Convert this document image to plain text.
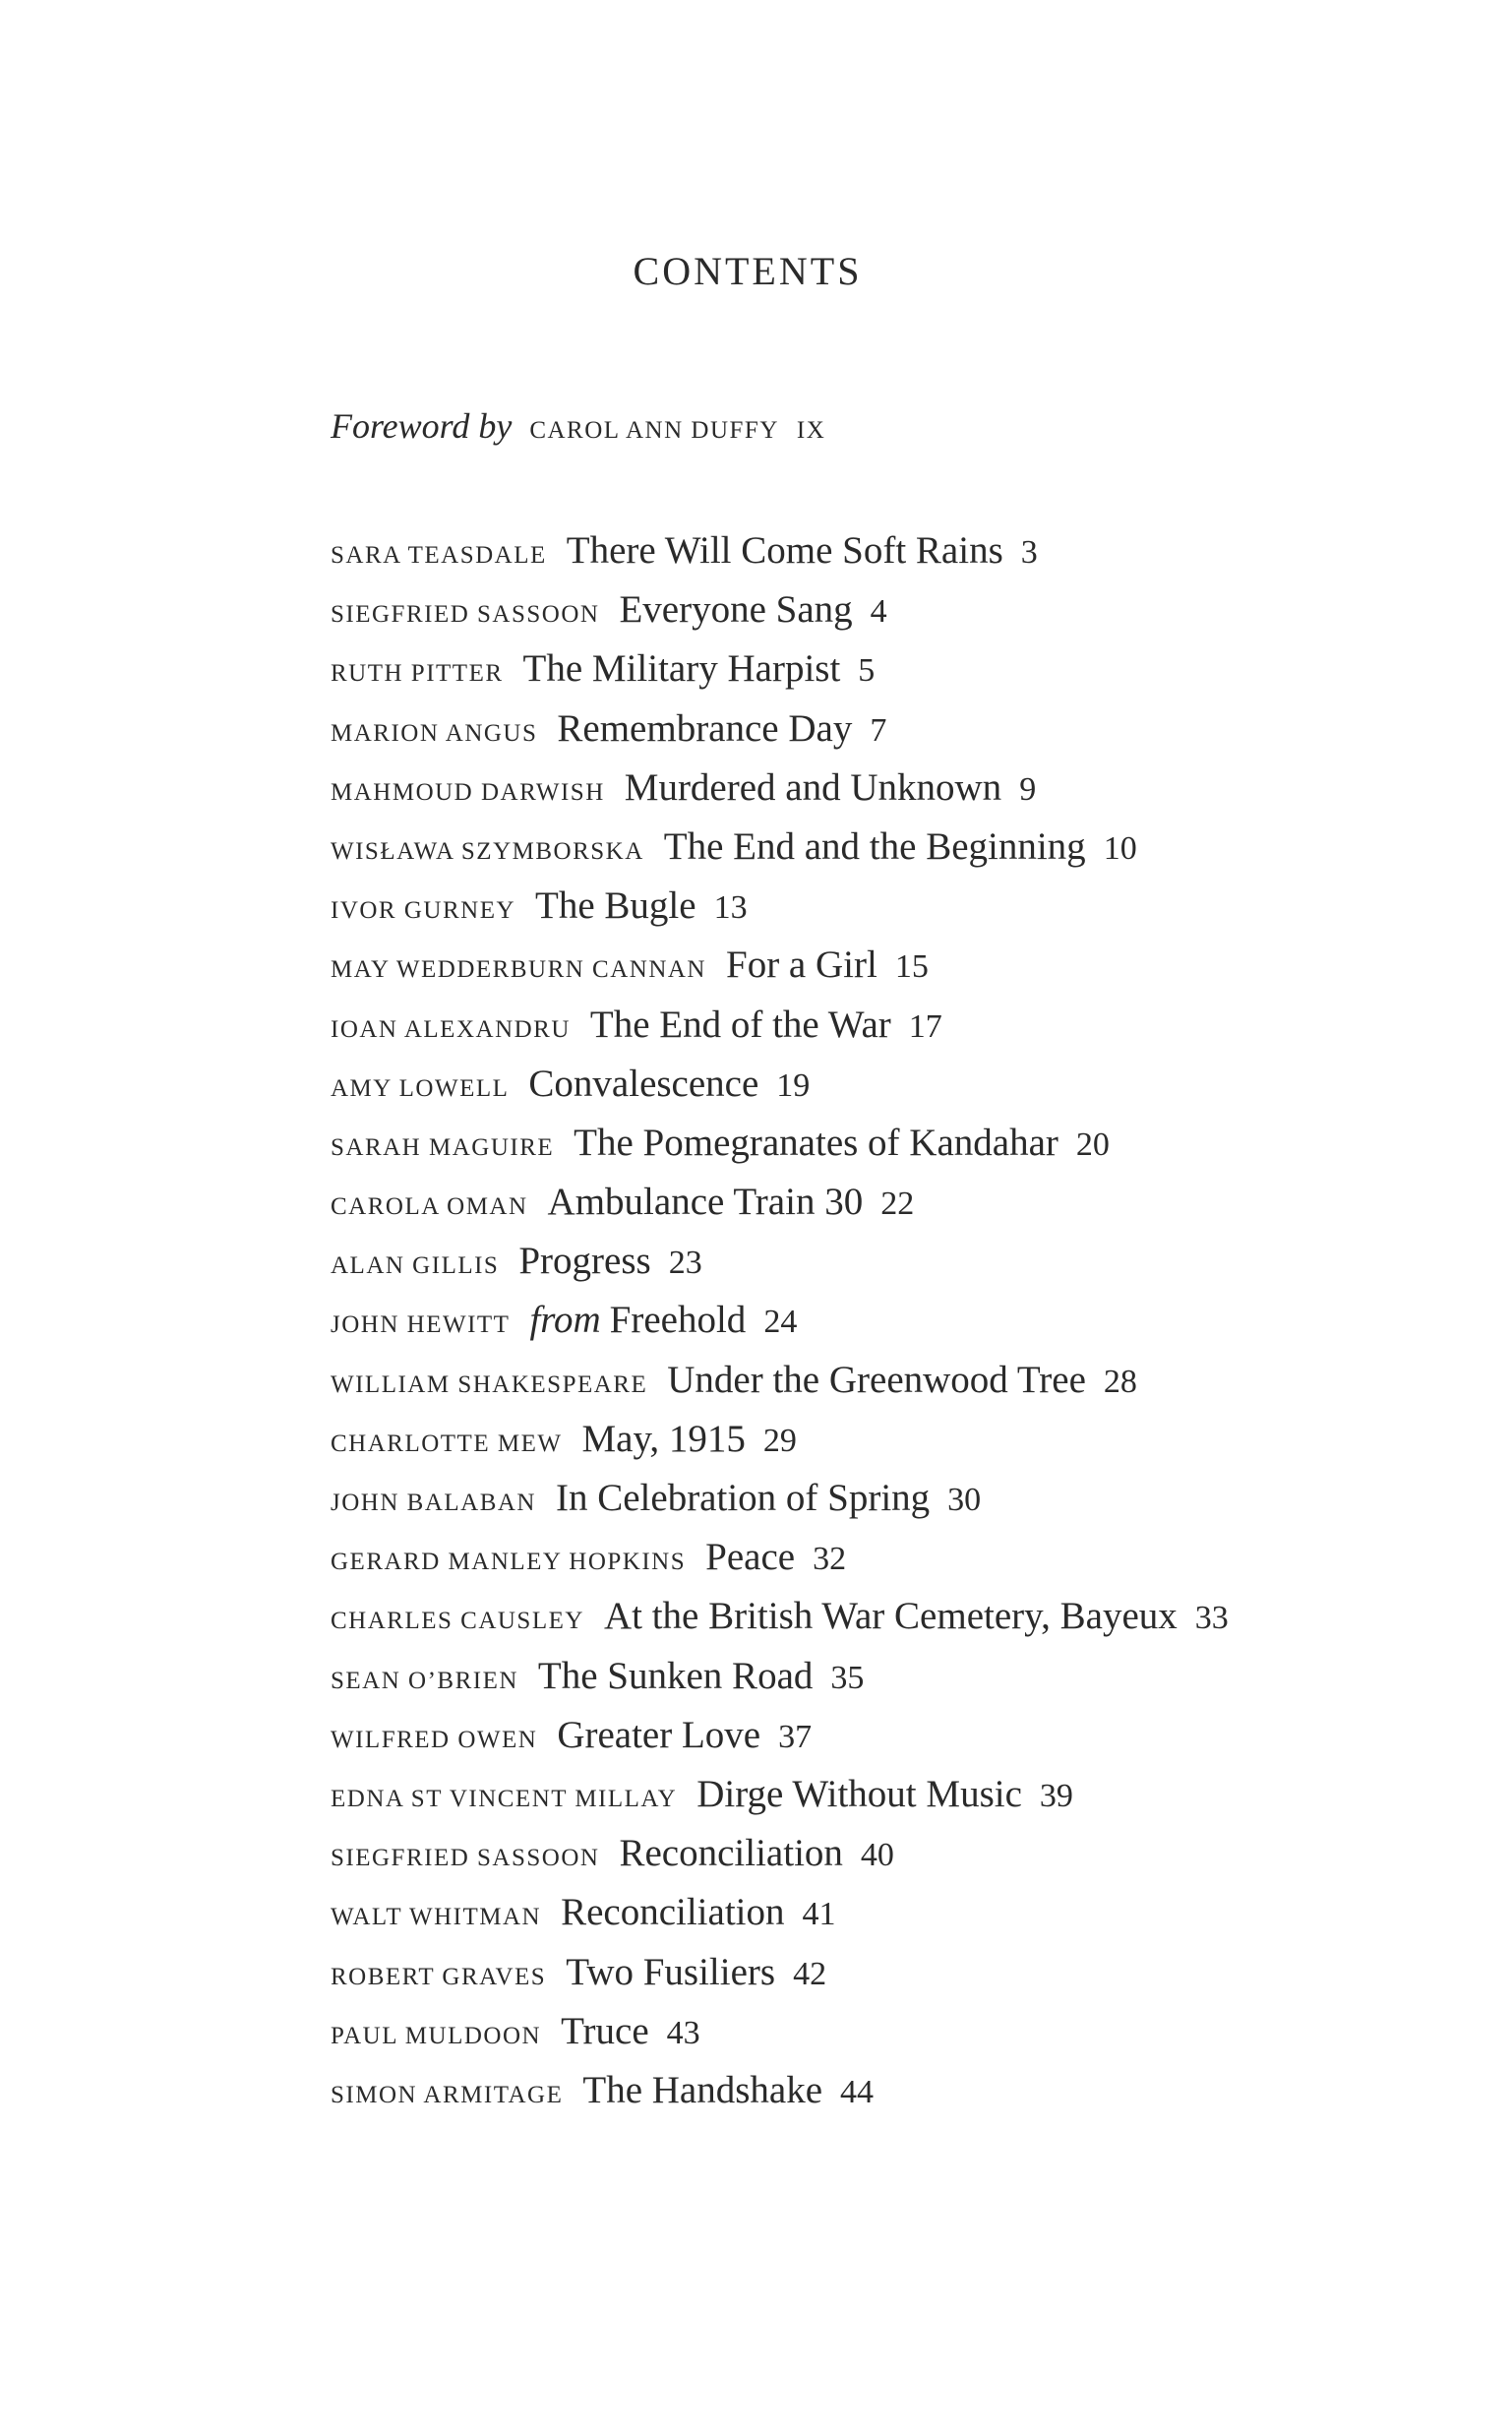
CONTENTS
Foreword by CAROL ANN DUFFY IX
SARA TEASDALE There Will Come Soft Rains 3
SIEGFRIED SASSOON Everyone Sang 4
RUTH PITTER The Military Harpist 5
MARION ANGUS Remembrance Day 7
MAHMOUD DARWISH Murdered and Unknown 9
WISŁAWA SZYMBORSKA The End and the Beginning 10
IVOR GURNEY The Bugle 13
MAY WEDDERBURN CANNAN For a Girl 15
IOAN ALEXANDRU The End of the War 17
AMY LOWELL Convalescence 19
SARAH MAGUIRE The Pomegranates of Kandahar 20
CAROLA OMAN Ambulance Train 30 22
ALAN GILLIS Progress 23
JOHN HEWITT from Freehold 24
WILLIAM SHAKESPEARE Under the Greenwood Tree 28
CHARLOTTE MEW May, 1915 29
JOHN BALABAN In Celebration of Spring 30
GERARD MANLEY HOPKINS Peace 32
CHARLES CAUSLEY At the British War Cemetery, Bayeux 33
SEAN O’BRIEN The Sunken Road 35
WILFRED OWEN Greater Love 37
EDNA ST VINCENT MILLAY Dirge Without Music 39
SIEGFRIED SASSOON Reconciliation 40
WALT WHITMAN Reconciliation 41
ROBERT GRAVES Two Fusiliers 42
PAUL MULDOON Truce 43
SIMON ARMITAGE The Handshake 44
